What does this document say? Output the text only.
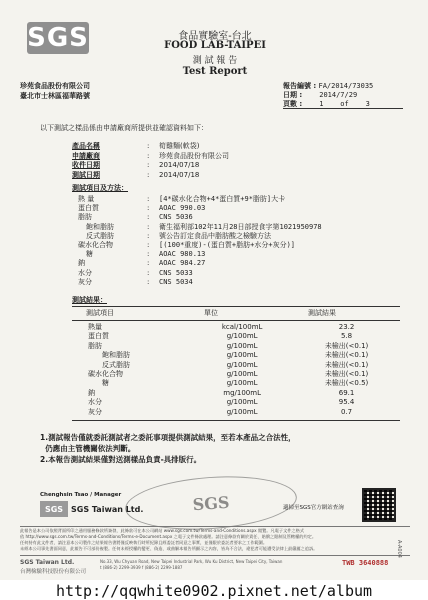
SGS	食品實驗室-台北
FOOD LAB-TAIPEI
測 試 報 告
Test Report
珍苑食品股份有限公司
臺北市士林區福華路號
報告編號 : FA/2014/73035
日期 : 2014/7/29
頁數 : 1    of    3
以下測試之樣品係由申請廠商所提供並確認資料如下：
產品名稱	:	筍雞麵(軟袋)
申請廠商	:	珍苑食品股份有限公司
收件日期	:	2014/07/18
測試日期	:	2014/07/18
測試項目及方法：
熱 量	:	[4*碳水化合物+4*蛋白質+9*脂肪]大卡
蛋白質	:	AOAC 990.03
脂肪	:	CNS 5036
飽和脂肪	:	衛生福利部102年11月28日部授食字第1021950978
反式脂肪	:	號公告訂定食品中脂肪酸之檢驗方法
碳水化合物	:	[(100*重度)-(蛋白質+脂肪+水分+灰分)]
糖	:	AOAC 980.13
鈉	:	AOAC 984.27
水分	:	CNS 5033
灰分	:	CNS 5034
測試結果：
測試項目	單位	測試結果
熱量	kcal/100mL	23.2
蛋白質	g/100mL	5.8
脂肪	g/100mL	未檢出(<0.1)
飽和脂肪	g/100mL	未檢出(<0.1)
反式脂肪	g/100mL	未檢出(<0.1)
碳水化合物	g/100mL	未檢出(<0.1)
糖	g/100mL	未檢出(<0.5)
鈉	mg/100mL	69.1
水分	g/100mL	95.4
灰分	g/100mL	0.7
1.測試報告僅就委託測試者之委託事項提供測試結果，至若本產品之合法性，
仍應由主管機關依法判斷。
2.本報告測試結果僅對送測樣品負責-具排版行。
SGS
Chenghsin Tsao / Manager
SGS SGS Taiwan Ltd.	適掃至SGS官方網站查詢
此報告是本公司依照背面所印之通用服務條款所簽發，此條款可在本公司網站 www.sgs.com.tw/Terms-and-Conditions.aspx 閱覽。凡電子文件之格式
依 http://www.sgs.com.tw/Terms-and-Conditions/Terms-e-Document.aspx 之電子文件條款處理。請注意條款有關於責任、賠償之限制及管轄權的約定。
任何持有此文件者，請注意本公司製作之結果報告書將僅反映執行時所紀錄且經委託者同意之事實，並僅限於委託者要求之工作範圍。
未經本公司事先書面同意，此報告不可部份複製。任何未經授權的變更、偽造、或曲解本報告所顯示之內容，皆為不合法，違犯者可能遭受法律上最嚴厲之追訴。
SGS Taiwan Ltd.
台灣檢驗科技股份有限公司
No.33, Wu Chyuan Road, New Taipei Industrial Park, Wu Ku District, New Taipei City, Taiwan
t (886-2) 2299-3939 f (886-2) 2299-1887
TWB 3640888
A-A004
http://qqwhite0902.pixnet.net/album
